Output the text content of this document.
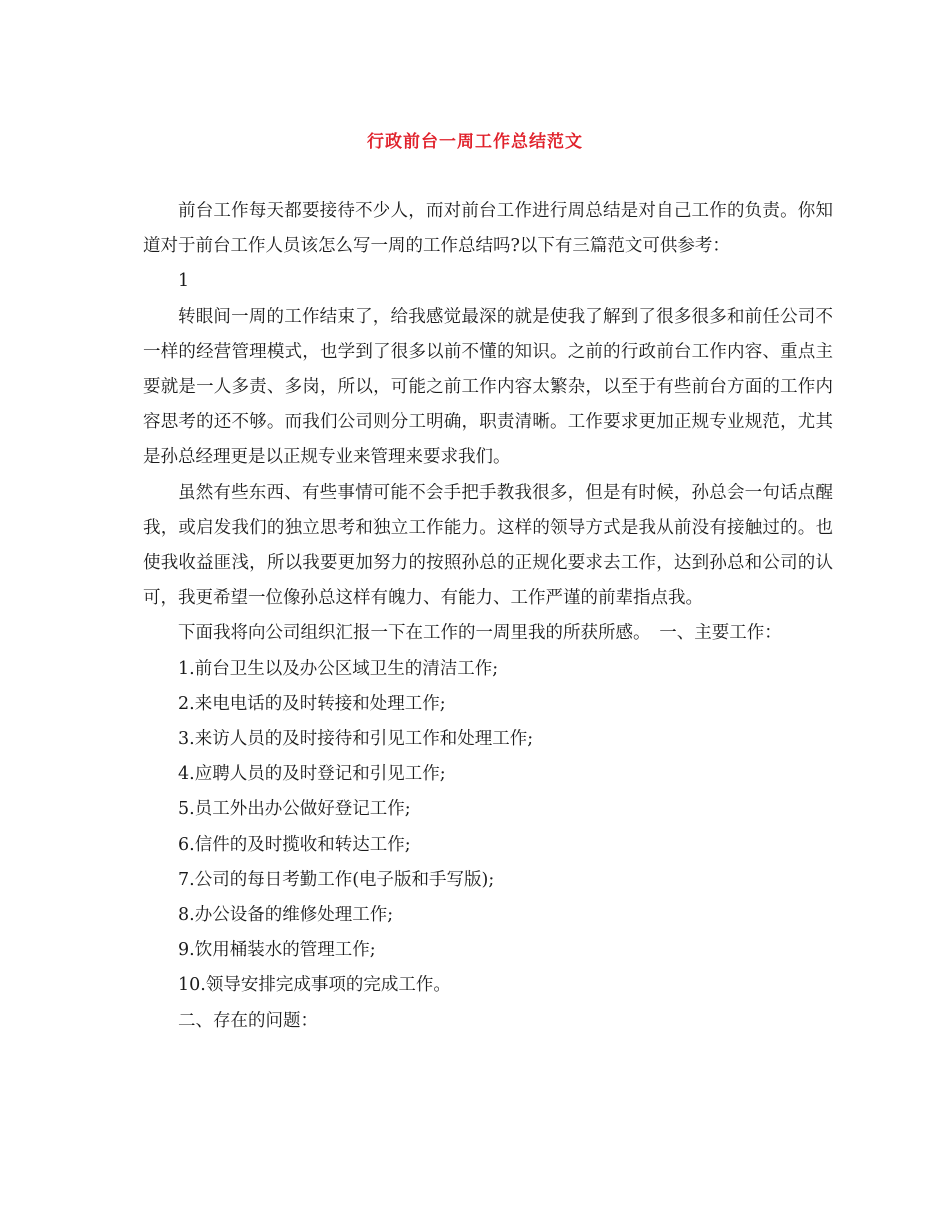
行政前台一周工作总结范文

前台工作每天都要接待不少人，而对前台工作进行周总结是对自己工作的负责。你知道对于前台工作人员该怎么写一周的工作总结吗?以下有三篇范文可供参考：

1

转眼间一周的工作结束了，给我感觉最深的就是使我了解到了很多很多和前任公司不一样的经营管理模式，也学到了很多以前不懂的知识。之前的行政前台工作内容、重点主要就是一人多责、多岗，所以，可能之前工作内容太繁杂，以至于有些前台方面的工作内容思考的还不够。而我们公司则分工明确，职责清晰。工作要求更加正规专业规范，尤其是孙总经理更是以正规专业来管理来要求我们。

虽然有些东西、有些事情可能不会手把手教我很多，但是有时候，孙总会一句话点醒我，或启发我们的独立思考和独立工作能力。这样的领导方式是我从前没有接触过的。也使我收益匪浅，所以我要更加努力的按照孙总的正规化要求去工作，达到孙总和公司的认可，我更希望一位像孙总这样有魄力、有能力、工作严谨的前辈指点我。

下面我将向公司组织汇报一下在工作的一周里我的所获所感。　一、主要工作：

1.前台卫生以及办公区域卫生的清洁工作;

2.来电电话的及时转接和处理工作;

3.来访人员的及时接待和引见工作和处理工作;

4.应聘人员的及时登记和引见工作;

5.员工外出办公做好登记工作;

6.信件的及时揽收和转达工作;

7.公司的每日考勤工作(电子版和手写版);

8.办公设备的维修处理工作;

9.饮用桶装水的管理工作;

10.领导安排完成事项的完成工作。

二、存在的问题：
